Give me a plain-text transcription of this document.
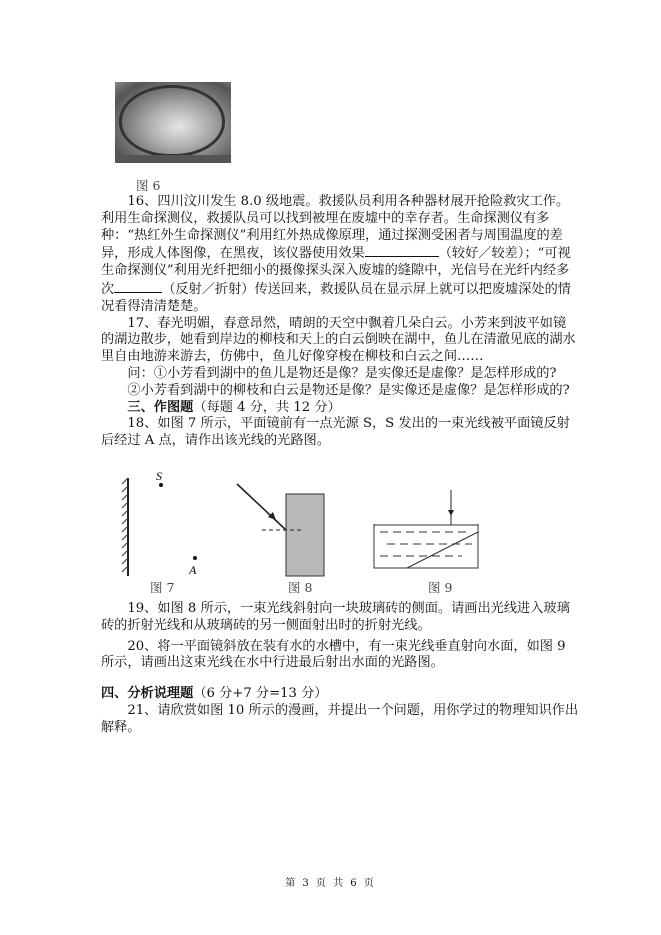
图 6

16、四川汶川发生 8.0 级地震。救援队员利用各种器材展开抢险救灾工作。利用生命探测仪，救援队员可以找到被埋在废墟中的幸存者。生命探测仪有多种：“热红外生命探测仪”利用红外热成像原理，通过探测受困者与周围温度的差异，形成人体图像，在黑夜，该仪器使用效果	（较好／较差）；“可视生命探测仪”利用光纤把细小的摄像探头深入废墟的缝隙中，光信号在光纤内经多次	（反射／折射）传送回来，救援队员在显示屏上就可以把废墟深处的情况看得清清楚楚。

17、春光明媚，春意昂然，晴朗的天空中飘着几朵白云。小芳来到波平如镜的湖边散步，她看到岸边的柳枝和天上的白云倒映在湖中，鱼儿在清澈见底的湖水里自由地游来游去，仿佛中，鱼儿好像穿梭在柳枝和白云之间……

问：①小芳看到湖中的鱼儿是物还是像？是实像还是虚像？是怎样形成的?

②小芳看到湖中的柳枝和白云是物还是像？是实像还是虚像？是怎样形成的?

三、作图题（每题 4 分，共 12 分）

18、如图 7 所示，平面镜前有一点光源 S，S 发出的一束光线被平面镜反射后经过 A 点，请作出该光线的光路图。

S
A
图 7	图 8	图 9

19、如图 8 所示，一束光线斜射向一块玻璃砖的侧面。请画出光线进入玻璃砖的折射光线和从玻璃砖的另一侧面射出时的折射光线。

20、将一平面镜斜放在装有水的水槽中，有一束光线垂直射向水面，如图 9 所示，请画出这束光线在水中行进最后射出水面的光路图。

四、分析说理题（6 分+7 分=13 分）

21、请欣赏如图 10 所示的漫画，并提出一个问题，用你学过的物理知识作出解释。

第 3 页 共 6 页
